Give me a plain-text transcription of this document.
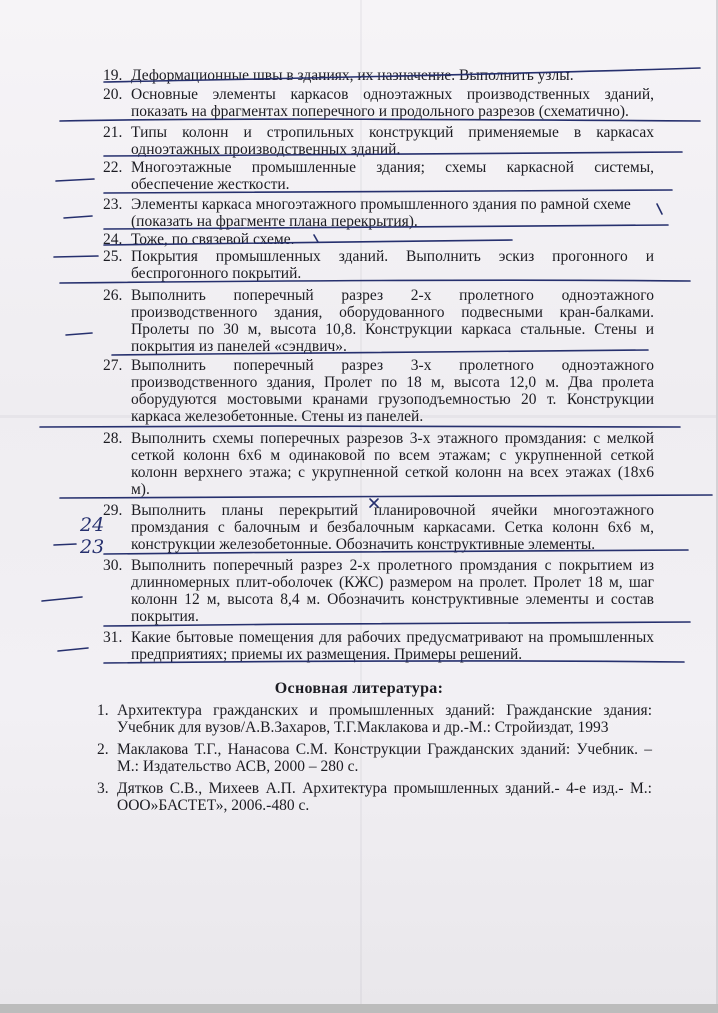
19. Деформационные швы в зданиях, их назначение. Выполнить узлы.
20. Основные элементы каркасов одноэтажных производственных зданий,
показать на фрагментах поперечного и продольного разрезов (схематично).
21. Типы колонн и стропильных конструкций применяемые в каркасах
одноэтажных производственных зданий.
22. Многоэтажные промышленные здания; схемы каркасной системы,
обеспечение жесткости.
23. Элементы каркаса многоэтажного промышленного здания по рамной схеме
(показать на фрагменте плана перекрытия).
24. Тоже, по связевой схеме.
25. Покрытия промышленных зданий. Выполнить эскиз прогонного и
беспрогонного покрытий.
26. Выполнить поперечный разрез 2-х пролетного одноэтажного
производственного здания, оборудованного подвесными кран-балками.
Пролеты по 30 м, высота 10,8. Конструкции каркаса стальные. Стены и
покрытия из панелей «сэндвич».
27. Выполнить поперечный разрез 3-х пролетного одноэтажного
производственного здания, Пролет по 18 м, высота 12,0 м. Два пролета
оборудуются мостовыми кранами грузоподъемностью 20 т. Конструкции
каркаса железобетонные. Стены из панелей.
28. Выполнить схемы поперечных разрезов 3-х этажного промздания: с мелкой
сеткой колонн 6х6 м одинаковой по всем этажам; с укрупненной сеткой
колонн верхнего этажа; с укрупненной сеткой колонн на всех этажах (18х6
м).
29. Выполнить планы перекрытий планировочной ячейки многоэтажного
промздания с балочным и безбалочным каркасами. Сетка колонн 6х6 м,
конструкции железобетонные. Обозначить конструктивные элементы.
30. Выполнить поперечный разрез 2-х пролетного промздания с покрытием из
длинномерных плит-оболочек (КЖС) размером на пролет. Пролет 18 м, шаг
колонн 12 м, высота 8,4 м. Обозначить конструктивные элементы и состав
покрытия.
31. Какие бытовые помещения для рабочих предусматривают на промышленных
предприятиях; приемы их размещения. Примеры решений.
Основная литература:
1. Архитектура гражданских и промышленных зданий: Гражданские здания:
Учебник для вузов/А.В.Захаров, Т.Г.Маклакова и др.-М.: Стройиздат, 1993
2. Маклакова Т.Г., Нанасова С.М. Конструкции Гражданских зданий: Учебник. –
М.: Издательство АСВ, 2000 – 280 с.
3. Дятков С.В., Михеев А.П. Архитектура промышленных зданий.- 4-е изд.- М.:
ООО»БАСТЕТ», 2006.-480 с.
24
23
